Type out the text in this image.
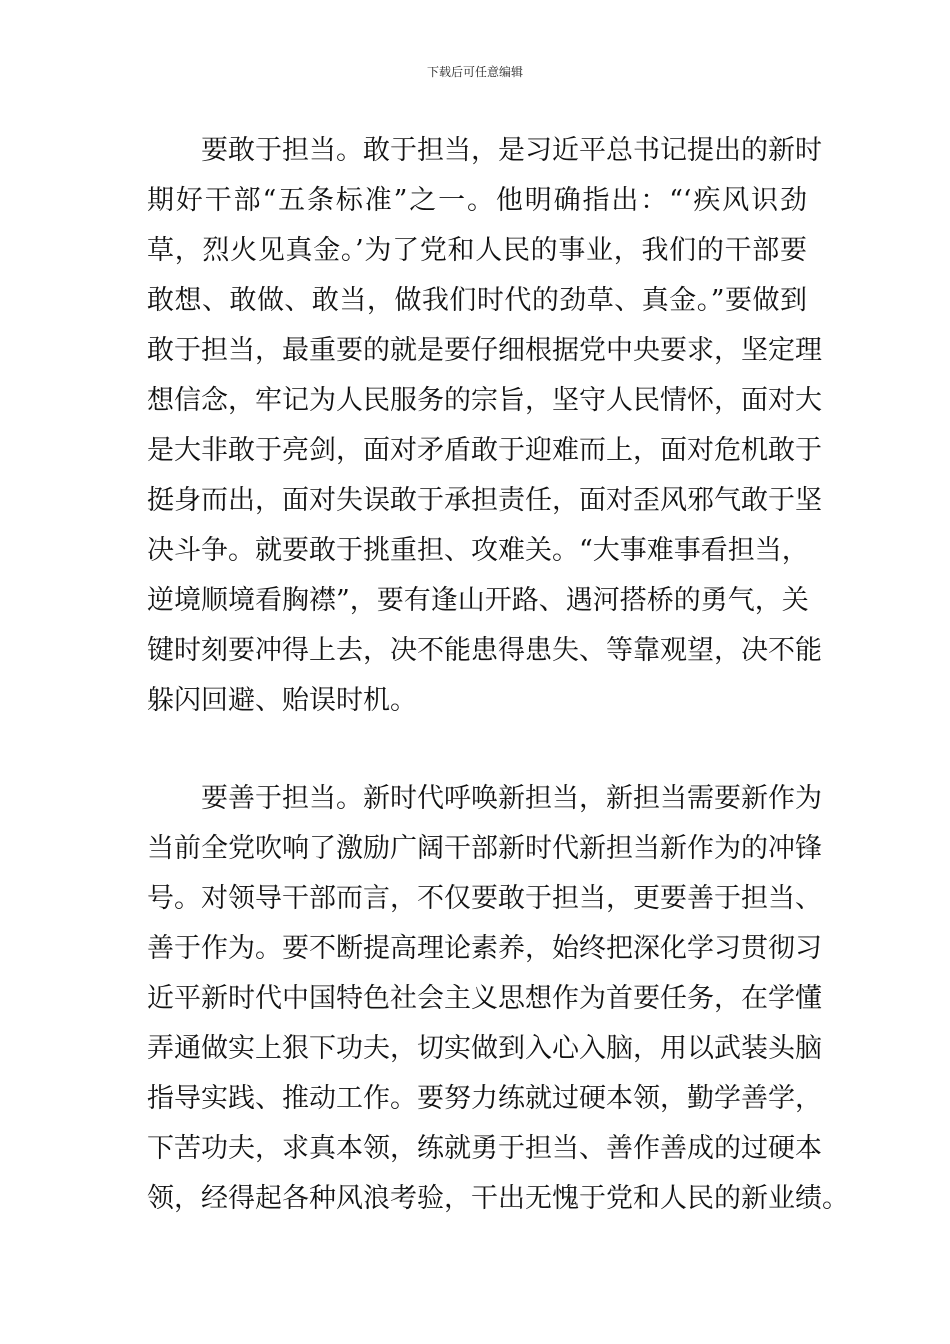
下载后可任意编辑
要敢于担当。敢于担当，是习近平总书记提出的新时
期好干部“五条标准”之一。他明确指出：“‘疾风识劲
草，烈火见真金。’为了党和人民的事业，我们的干部要
敢想、敢做、敢当，做我们时代的劲草、真金。”要做到
敢于担当，最重要的就是要仔细根据党中央要求，坚定理
想信念，牢记为人民服务的宗旨，坚守人民情怀，面对大
是大非敢于亮剑，面对矛盾敢于迎难而上，面对危机敢于
挺身而出，面对失误敢于承担责任，面对歪风邪气敢于坚
决斗争。就要敢于挑重担、攻难关。“大事难事看担当，
逆境顺境看胸襟”，要有逢山开路、遇河搭桥的勇气，关
键时刻要冲得上去，决不能患得患失、等靠观望，决不能
躲闪回避、贻误时机。
要善于担当。新时代呼唤新担当，新担当需要新作为
当前全党吹响了激励广阔干部新时代新担当新作为的冲锋
号。对领导干部而言，不仅要敢于担当，更要善于担当、
善于作为。要不断提高理论素养，始终把深化学习贯彻习
近平新时代中国特色社会主义思想作为首要任务，在学懂
弄通做实上狠下功夫，切实做到入心入脑，用以武装头脑
指导实践、推动工作。要努力练就过硬本领，勤学善学，
下苦功夫，求真本领，练就勇于担当、善作善成的过硬本
领，经得起各种风浪考验，干出无愧于党和人民的新业绩。
